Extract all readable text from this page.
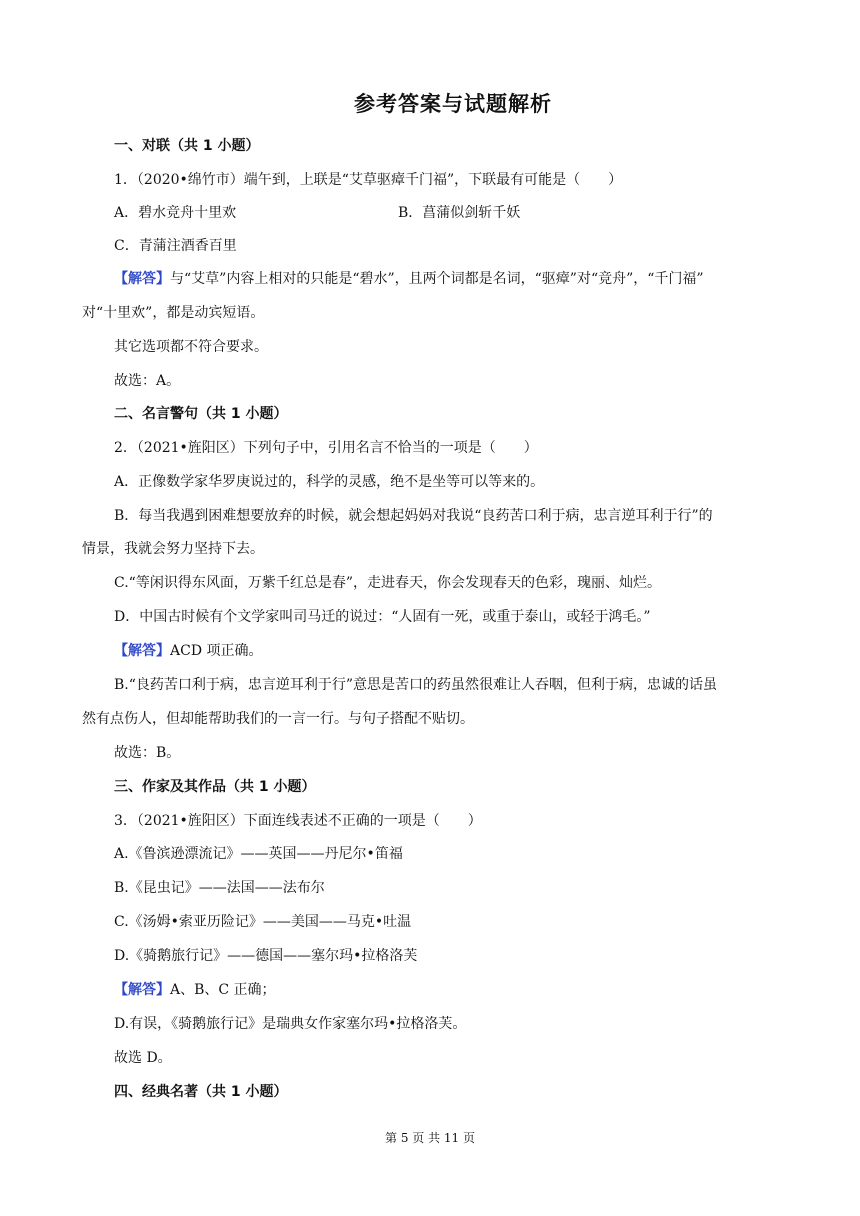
参考答案与试题解析
一、对联（共 1 小题）
1．（2020•绵竹市）端午到，上联是“艾草驱瘴千门福”，下联最有可能是（　　）
A．碧水竞舟十里欢	B．菖蒲似剑斩千妖
C．青蒲注酒香百里
【解答】与“艾草”内容上相对的只能是“碧水”，且两个词都是名词，“驱瘴”对“竞舟”，“千门福”
对“十里欢”，都是动宾短语。
其它选项都不符合要求。
故选：A。
二、名言警句（共 1 小题）
2．（2021•旌阳区）下列句子中，引用名言不恰当的一项是（　　）
A．正像数学家华罗庚说过的，科学的灵感，绝不是坐等可以等来的。
B．每当我遇到困难想要放弃的时候，就会想起妈妈对我说“良药苦口利于病，忠言逆耳利于行”的
情景，我就会努力坚持下去。
C.“等闲识得东风面，万紫千红总是春”，走进春天，你会发现春天的色彩，瑰丽、灿烂。
D．中国古时候有个文学家叫司马迁的说过：“人固有一死，或重于泰山，或轻于鸿毛。”
【解答】ACD 项正确。
B.“良药苦口利于病，忠言逆耳利于行”意思是苦口的药虽然很难让人吞咽，但利于病，忠诚的话虽
然有点伤人，但却能帮助我们的一言一行。与句子搭配不贴切。
故选：B。
三、作家及其作品（共 1 小题）
3．（2021•旌阳区）下面连线表述不正确的一项是（　　）
A.《鲁滨逊漂流记》——英国——丹尼尔•笛福
B.《昆虫记》——法国——法布尔
C.《汤姆•索亚历险记》——美国——马克•吐温
D.《骑鹅旅行记》——德国——塞尔玛•拉格洛芙
【解答】A、B、C 正确；
D.有误，《骑鹅旅行记》是瑞典女作家塞尔玛•拉格洛芙。
故选 D。
四、经典名著（共 1 小题）
第 5 页 共 11 页
